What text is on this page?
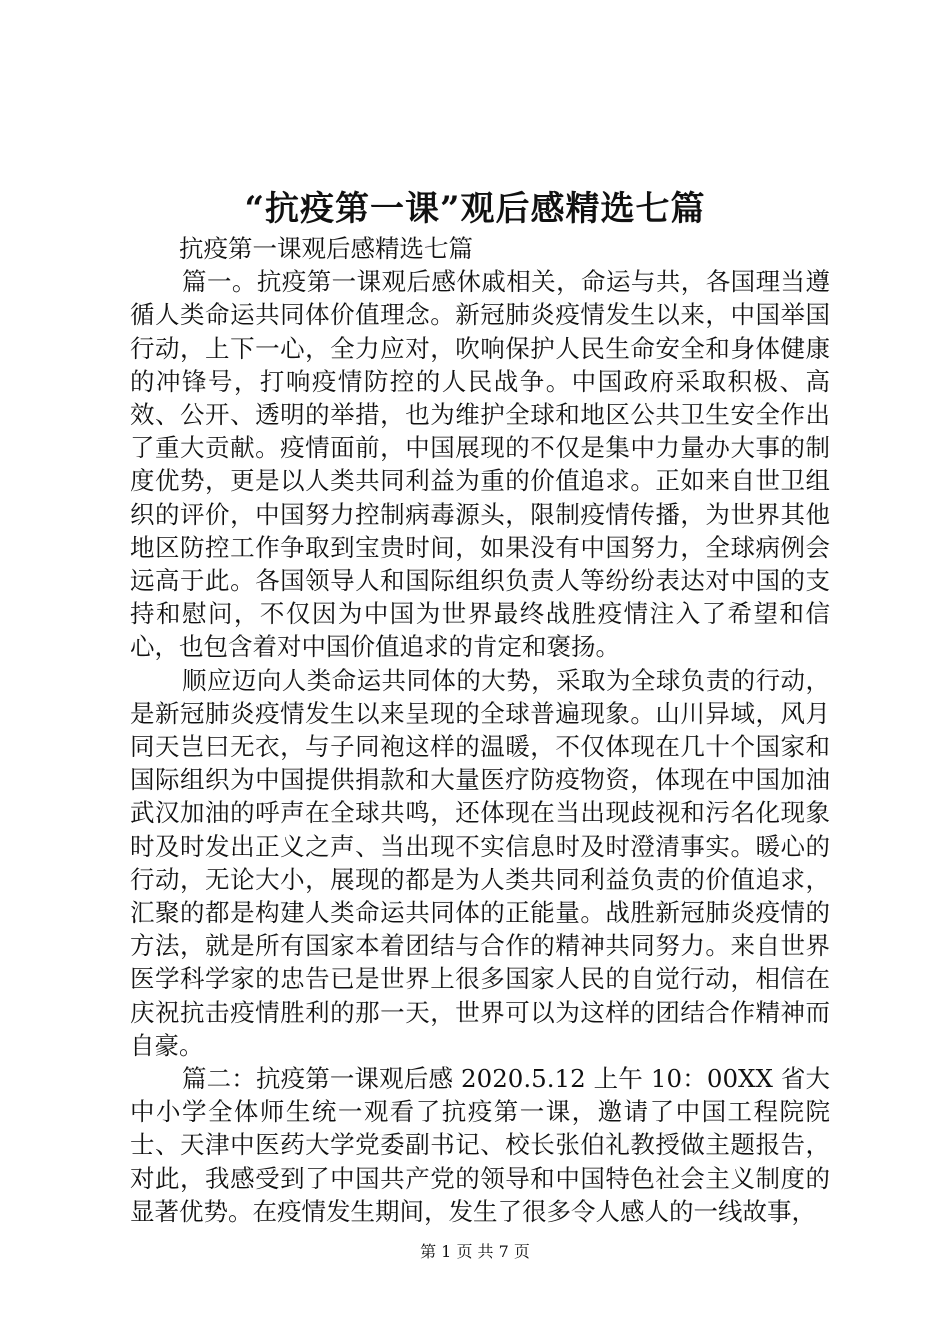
“抗疫第一课”观后感精选七篇

抗疫第一课观后感精选七篇

篇一。抗疫第一课观后感休戚相关，命运与共，各国理当遵循人类命运共同体价值理念。新冠肺炎疫情发生以来，中国举国行动，上下一心，全力应对，吹响保护人民生命安全和身体健康的冲锋号，打响疫情防控的人民战争。中国政府采取积极、高效、公开、透明的举措，也为维护全球和地区公共卫生安全作出了重大贡献。疫情面前，中国展现的不仅是集中力量办大事的制度优势，更是以人类共同利益为重的价值追求。正如来自世卫组织的评价，中国努力控制病毒源头，限制疫情传播，为世界其他地区防控工作争取到宝贵时间，如果没有中国努力，全球病例会远高于此。各国领导人和国际组织负责人等纷纷表达对中国的支持和慰问，不仅因为中国为世界最终战胜疫情注入了希望和信心，也包含着对中国价值追求的肯定和褒扬。

顺应迈向人类命运共同体的大势，采取为全球负责的行动，是新冠肺炎疫情发生以来呈现的全球普遍现象。山川异域，风月同天岂曰无衣，与子同袍这样的温暖，不仅体现在几十个国家和国际组织为中国提供捐款和大量医疗防疫物资，体现在中国加油武汉加油的呼声在全球共鸣，还体现在当出现歧视和污名化现象时及时发出正义之声、当出现不实信息时及时澄清事实。暖心的行动，无论大小，展现的都是为人类共同利益负责的价值追求，汇聚的都是构建人类命运共同体的正能量。战胜新冠肺炎疫情的方法，就是所有国家本着团结与合作的精神共同努力。来自世界医学科学家的忠告已是世界上很多国家人民的自觉行动，相信在庆祝抗击疫情胜利的那一天，世界可以为这样的团结合作精神而自豪。

篇二：抗疫第一课观后感 2020.5.12 上午 10：00XX 省大中小学全体师生统一观看了抗疫第一课，邀请了中国工程院院士、天津中医药大学党委副书记、校长张伯礼教授做主题报告，对此，我感受到了中国共产党的领导和中国特色社会主义制度的显著优势。在疫情发生期间，发生了很多令人感人的一线故事，

第 1 页 共 7 页
